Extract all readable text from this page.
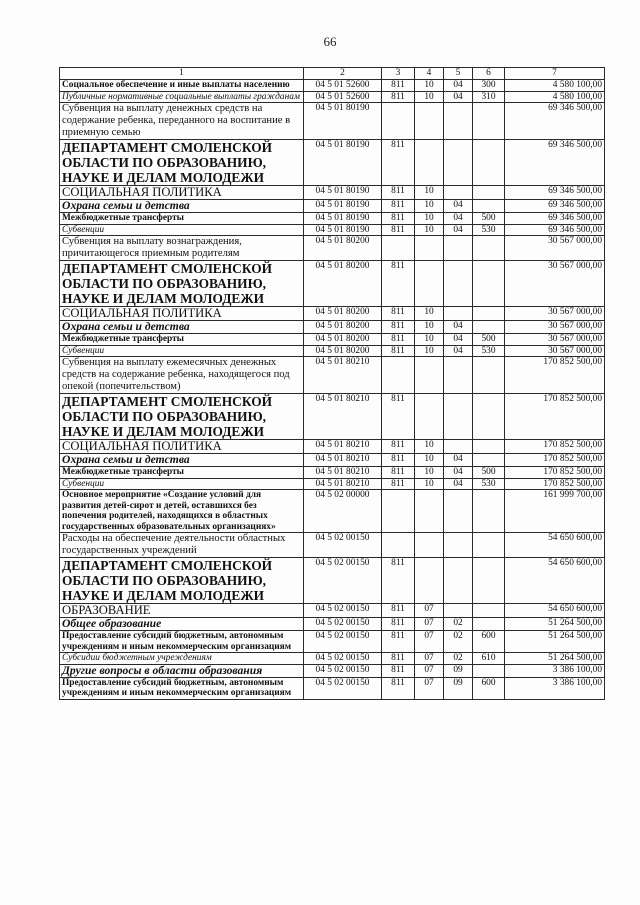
66
1	2	3	4	5	6	7
Социальное обеспечение и иные выплаты населению	04 5 01 52600	811	10	04	300	4 580 100,00
Публичные нормативные социальные выплаты гражданам	04 5 01 52600	811	10	04	310	4 580 100,00
Субвенция на выплату денежных средств на содержание ребенка, переданного на воспитание в приемную семью	04 5 01 80190					69 346 500,00
ДЕПАРТАМЕНТ СМОЛЕНСКОЙ ОБЛАСТИ ПО ОБРАЗОВАНИЮ, НАУКЕ И ДЕЛАМ МОЛОДЕЖИ	04 5 01 80190	811				69 346 500,00
СОЦИАЛЬНАЯ ПОЛИТИКА	04 5 01 80190	811	10			69 346 500,00
Охрана семьи и детства	04 5 01 80190	811	10	04		69 346 500,00
Межбюджетные трансферты	04 5 01 80190	811	10	04	500	69 346 500,00
Субвенции	04 5 01 80190	811	10	04	530	69 346 500,00
Субвенция на выплату вознаграждения, причитающегося приемным родителям	04 5 01 80200					30 567 000,00
ДЕПАРТАМЕНТ СМОЛЕНСКОЙ ОБЛАСТИ ПО ОБРАЗОВАНИЮ, НАУКЕ И ДЕЛАМ МОЛОДЕЖИ	04 5 01 80200	811				30 567 000,00
СОЦИАЛЬНАЯ ПОЛИТИКА	04 5 01 80200	811	10			30 567 000,00
Охрана семьи и детства	04 5 01 80200	811	10	04		30 567 000,00
Межбюджетные трансферты	04 5 01 80200	811	10	04	500	30 567 000,00
Субвенции	04 5 01 80200	811	10	04	530	30 567 000,00
Субвенция на выплату ежемесячных денежных средств на содержание ребенка, находящегося под опекой (попечительством)	04 5 01 80210					170 852 500,00
ДЕПАРТАМЕНТ СМОЛЕНСКОЙ ОБЛАСТИ ПО ОБРАЗОВАНИЮ, НАУКЕ И ДЕЛАМ МОЛОДЕЖИ	04 5 01 80210	811				170 852 500,00
СОЦИАЛЬНАЯ ПОЛИТИКА	04 5 01 80210	811	10			170 852 500,00
Охрана семьи и детства	04 5 01 80210	811	10	04		170 852 500,00
Межбюджетные трансферты	04 5 01 80210	811	10	04	500	170 852 500,00
Субвенции	04 5 01 80210	811	10	04	530	170 852 500,00
Основное мероприятие «Создание условий для развития детей-сирот и детей, оставшихся без попечения родителей, находящихся в областных государственных образовательных организациях»	04 5 02 00000					161 999 700,00
Расходы на обеспечение деятельности областных государственных учреждений	04 5 02 00150					54 650 600,00
ДЕПАРТАМЕНТ СМОЛЕНСКОЙ ОБЛАСТИ ПО ОБРАЗОВАНИЮ, НАУКЕ И ДЕЛАМ МОЛОДЕЖИ	04 5 02 00150	811				54 650 600,00
ОБРАЗОВАНИЕ	04 5 02 00150	811	07			54 650 600,00
Общее образование	04 5 02 00150	811	07	02		51 264 500,00
Предоставление субсидий бюджетным, автономным учреждениям и иным некоммерческим организациям	04 5 02 00150	811	07	02	600	51 264 500,00
Субсидии бюджетным учреждениям	04 5 02 00150	811	07	02	610	51 264 500,00
Другие вопросы в области образования	04 5 02 00150	811	07	09		3 386 100,00
Предоставление субсидий бюджетным, автономным учреждениям и иным некоммерческим организациям	04 5 02 00150	811	07	09	600	3 386 100,00
